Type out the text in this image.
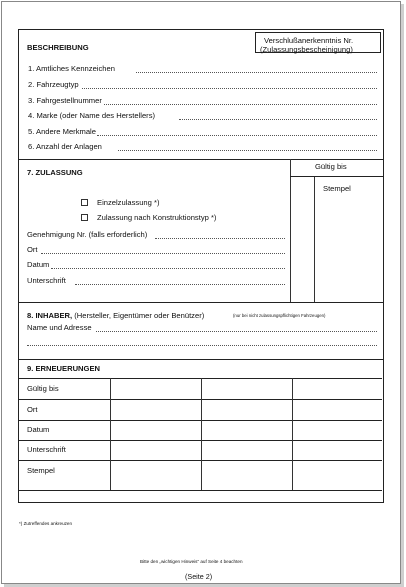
Verschlußanerkenntnis Nr.
(Zulassungsbescheinigung)
BESCHREIBUNG
1. Amtliches Kennzeichen
2. Fahrzeugtyp
3. Fahrgestellnummer
4. Marke (oder Name des Herstellers)
5. Andere Merkmale
6. Anzahl der Anlagen
7. ZULASSUNG
Gültig bis
Stempel
Einzelzulassung *)
Zulassung nach Konstruktionstyp *)
Genehmigung Nr. (falls erforderlich)
Ort
Datum
Unterschrift
8. INHABER, (Hersteller, Eigentümer oder Benützer)	(nur bei nicht zulassungspflichtigen Fahrzeugen)
Name und Adresse
9. ERNEUERUNGEN
Gültig bis
Ort
Datum
Unterschrift
Stempel
*) Zutreffendes ankreuzen
Bitte den „wichtigen Hinweis" auf Seite 4 beachten
(Seite 2)
